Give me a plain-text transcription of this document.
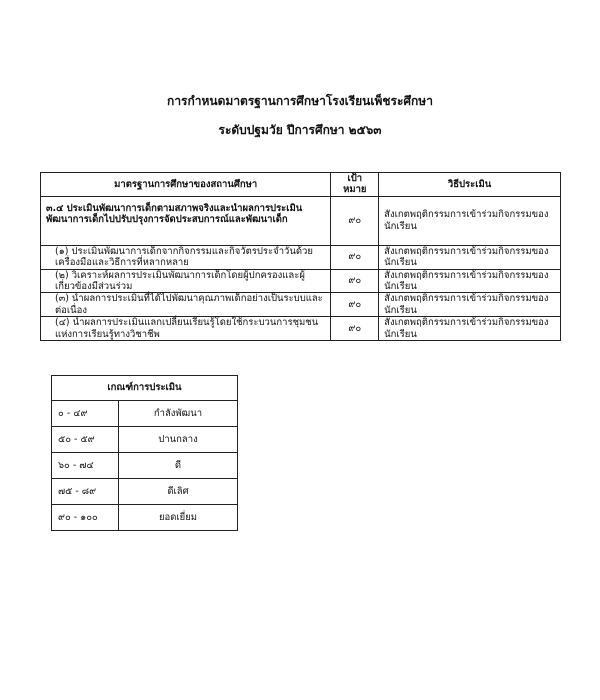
การกำหนดมาตรฐานการศึกษาโรงเรียนเพ็ชระศึกษา
ระดับปฐมวัย ปีการศึกษา ๒๕๖๓
มาตรฐานการศึกษาของสถานศึกษา	เป้าหมาย	วิธีประเมิน
๓.๔ ประเมินพัฒนาการเด็กตามสภาพจริงและนำผลการประเมินพัฒนาการเด็กไปปรับปรุงการจัดประสบการณ์และพัฒนาเด็ก	๙๐	สังเกตพฤติกรรมการเข้าร่วมกิจกรรมของนักเรียน
(๑) ประเมินพัฒนาการเด็กจากกิจกรรมและกิจวัตรประจำวันด้วยเครื่องมือและวิธีการที่หลากหลาย	๙๐	สังเกตพฤติกรรมการเข้าร่วมกิจกรรมของนักเรียน
(๒) วิเคราะห์ผลการประเมินพัฒนาการเด็กโดยผู้ปกครองและผู้เกี่ยวข้องมีส่วนร่วม	๙๐	สังเกตพฤติกรรมการเข้าร่วมกิจกรรมของนักเรียน
(๓) นำผลการประเมินที่ได้ไปพัฒนาคุณภาพเด็กอย่างเป็นระบบและต่อเนื่อง	๙๐	สังเกตพฤติกรรมการเข้าร่วมกิจกรรมของนักเรียน
(๔) นำผลการประเมินแลกเปลี่ยนเรียนรู้โดยใช้กระบวนการชุมชนแห่งการเรียนรู้ทางวิชาชีพ	๙๐	สังเกตพฤติกรรมการเข้าร่วมกิจกรรมของนักเรียน
เกณฑ์การประเมิน	
๐ - ๔๙	กำลังพัฒนา
๕๐ - ๕๙	ปานกลาง
๖๐ - ๗๔	ดี
๗๕ - ๘๙	ดีเลิศ
๙๐ - ๑๐๐	ยอดเยี่ยม
